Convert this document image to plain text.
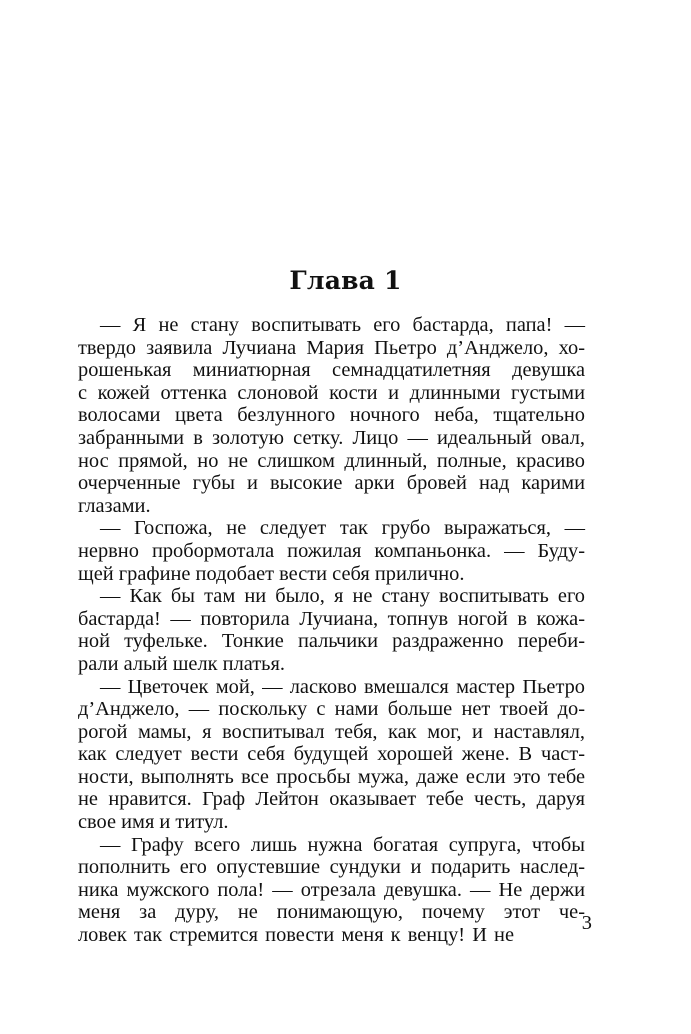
Глава 1
— Я не стану воспитывать его бастарда, папа! —
твердо заявила Лучиана Мария Пьетро д’Анджело, хо-
рошенькая миниатюрная семнадцатилетняя девушка
с кожей оттенка слоновой кости и длинными густыми
волосами цвета безлунного ночного неба, тщательно
забранными в золотую сетку. Лицо — идеальный овал,
нос прямой, но не слишком длинный, полные, красиво
очерченные губы и высокие арки бровей над карими
глазами.
— Госпожа, не следует так грубо выражаться, —
нервно пробормотала пожилая компаньонка. — Буду-
щей графине подобает вести себя прилично.
— Как бы там ни было, я не стану воспитывать его
бастарда! — повторила Лучиана, топнув ногой в кожа-
ной туфельке. Тонкие пальчики раздраженно переби-
рали алый шелк платья.
— Цветочек мой, — ласково вмешался мастер Пьетро
д’Анджело, — поскольку с нами больше нет твоей до-
рогой мамы, я воспитывал тебя, как мог, и наставлял,
как следует вести себя будущей хорошей жене. В част-
ности, выполнять все просьбы мужа, даже если это тебе
не нравится. Граф Лейтон оказывает тебе честь, даруя
свое имя и титул.
— Графу всего лишь нужна богатая супруга, чтобы
пополнить его опустевшие сундуки и подарить наслед-
ника мужского пола! — отрезала девушка. — Не держи
меня за дуру, не понимающую, почему этот че-
ловек так стремится повести меня к венцу! И не
3
